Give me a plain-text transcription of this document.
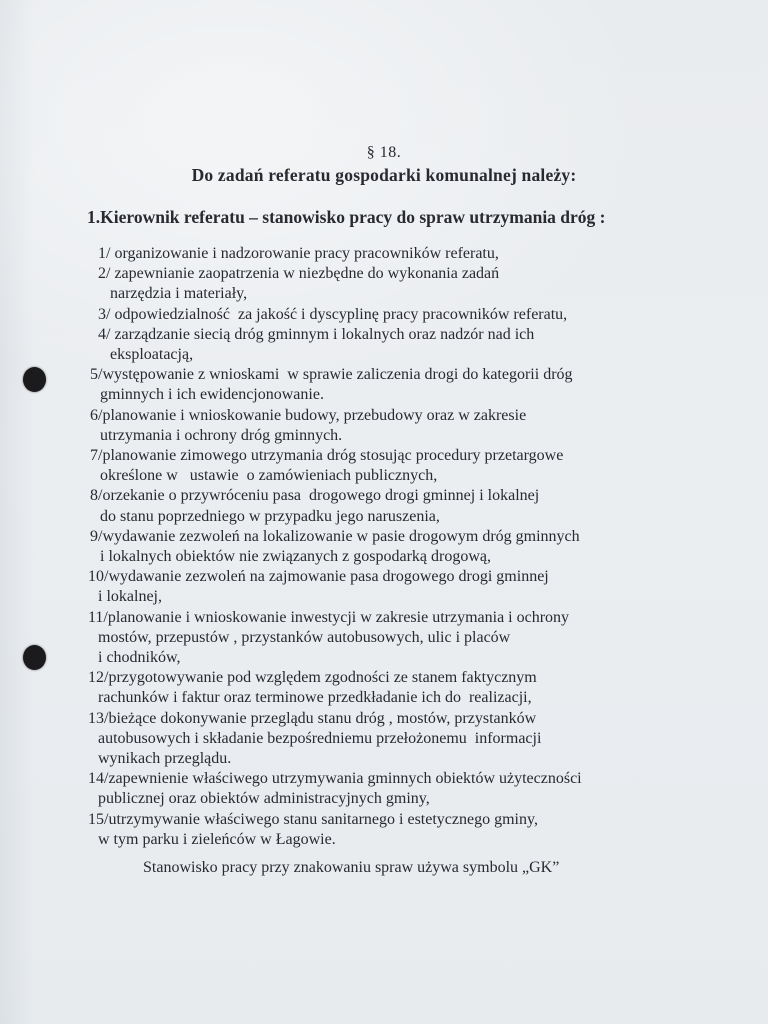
§ 18.
Do zadań referatu gospodarki komunalnej należy:
1.Kierownik referatu – stanowisko pracy do spraw utrzymania dróg :
1/ organizowanie i nadzorowanie pracy pracowników referatu,
2/ zapewnianie zaopatrzenia w niezbędne do wykonania zadań
narzędzia i materiały,
3/ odpowiedzialność  za jakość i dyscyplinę pracy pracowników referatu,
4/ zarządzanie siecią dróg gminnym i lokalnych oraz nadzór nad ich
eksploatacją,
5/występowanie z wnioskami  w sprawie zaliczenia drogi do kategorii dróg
gminnych i ich ewidencjonowanie.
6/planowanie i wnioskowanie budowy, przebudowy oraz w zakresie
utrzymania i ochrony dróg gminnych.
7/planowanie zimowego utrzymania dróg stosując procedury przetargowe
określone w   ustawie  o zamówieniach publicznych,
8/orzekanie o przywróceniu pasa  drogowego drogi gminnej i lokalnej
do stanu poprzedniego w przypadku jego naruszenia,
9/wydawanie zezwoleń na lokalizowanie w pasie drogowym dróg gminnych
i lokalnych obiektów nie związanych z gospodarką drogową,
10/wydawanie zezwoleń na zajmowanie pasa drogowego drogi gminnej
i lokalnej,
11/planowanie i wnioskowanie inwestycji w zakresie utrzymania i ochrony
mostów, przepustów , przystanków autobusowych, ulic i placów
i chodników,
12/przygotowywanie pod względem zgodności ze stanem faktycznym
rachunków i faktur oraz terminowe przedkładanie ich do  realizacji,
13/bieżące dokonywanie przeglądu stanu dróg , mostów, przystanków
autobusowych i składanie bezpośredniemu przełożonemu  informacji
wynikach przeglądu.
14/zapewnienie właściwego utrzymywania gminnych obiektów użyteczności
publicznej oraz obiektów administracyjnych gminy,
15/utrzymywanie właściwego stanu sanitarnego i estetycznego gminy,
w tym parku i zieleńców w Łagowie.
Stanowisko pracy przy znakowaniu spraw używa symbolu „GK”
